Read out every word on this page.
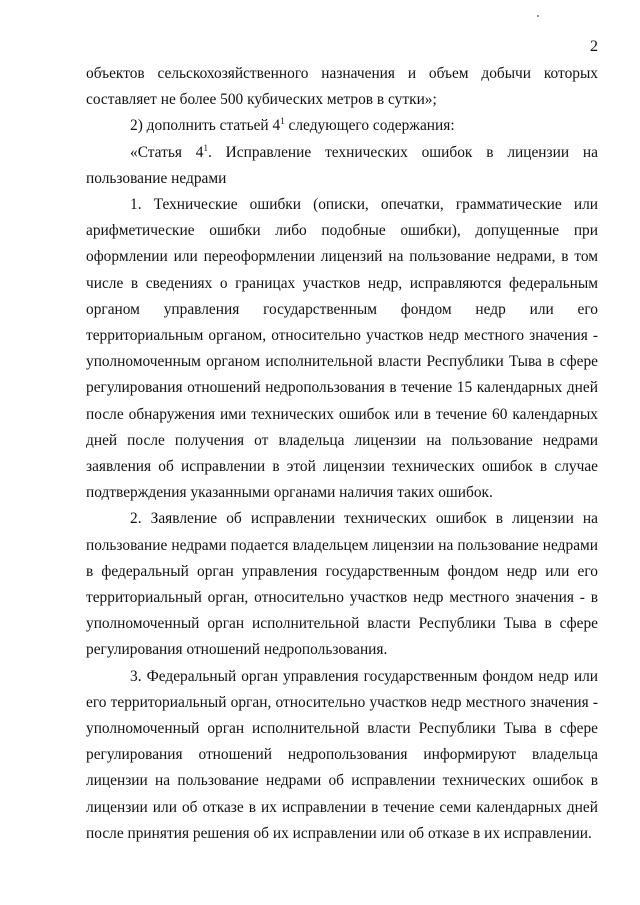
2

объектов сельскохозяйственного назначения и объем добычи которых составляет не более 500 кубических метров в сутки»;

2) дополнить статьей $4^1$ следующего содержания:

«Статья $4^1$. Исправление технических ошибок в лицензии на пользование недрами

1. Технические ошибки (описки, опечатки, грамматические или арифметические ошибки либо подобные ошибки), допущенные при оформлении или переоформлении лицензий на пользование недрами, в том числе в сведениях о границах участков недр, исправляются федеральным органом управления государственным фондом недр или его территориальным органом, относительно участков недр местного значения - уполномоченным органом исполнительной власти Республики Тыва в сфере регулирования отношений недропользования в течение 15 календарных дней после обнаружения ими технических ошибок или в течение 60 календарных дней после получения от владельца лицензии на пользование недрами заявления об исправлении в этой лицензии технических ошибок в случае подтверждения указанными органами наличия таких ошибок.

2. Заявление об исправлении технических ошибок в лицензии на пользование недрами подается владельцем лицензии на пользование недрами в федеральный орган управления государственным фондом недр или его территориальный орган, относительно участков недр местного значения - в уполномоченный орган исполнительной власти Республики Тыва в сфере регулирования отношений недропользования.

3. Федеральный орган управления государственным фондом недр или его территориальный орган, относительно участков недр местного значения - уполномоченный орган исполнительной власти Республики Тыва в сфере регулирования отношений недропользования информируют владельца лицензии на пользование недрами об исправлении технических ошибок в лицензии или об отказе в их исправлении в течение семи календарных дней после принятия решения об их исправлении или об отказе в их исправлении.
